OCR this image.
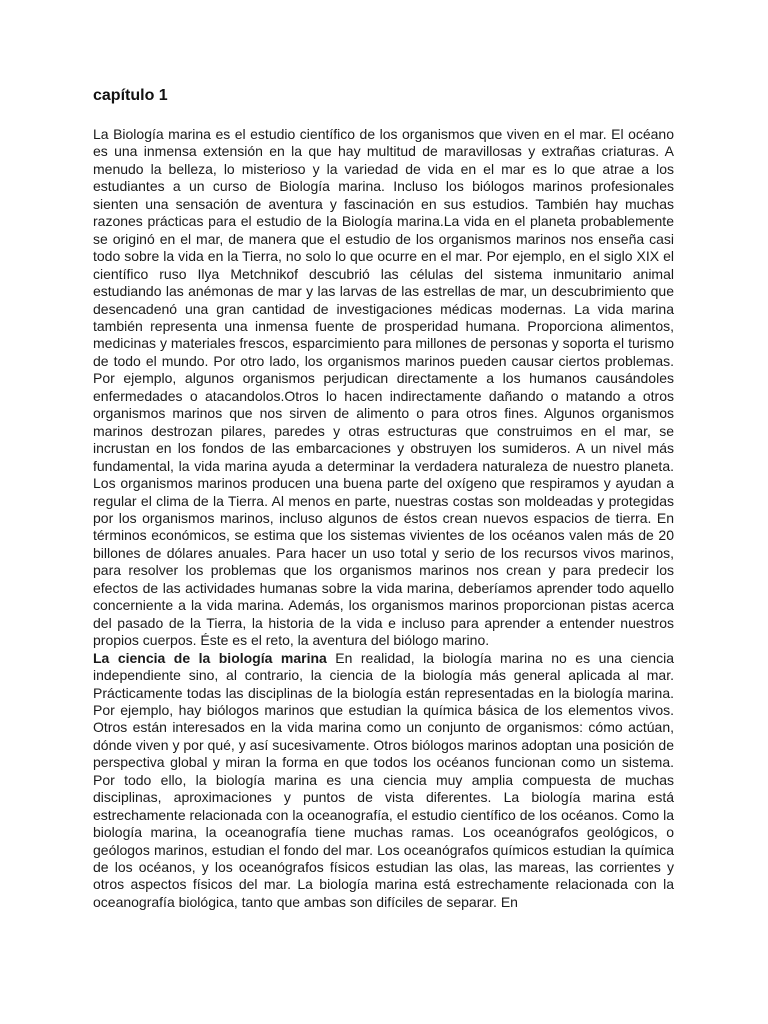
capítulo 1

La Biología marina es el estudio científico de los organismos que viven en el mar. El océano es una inmensa extensión en la que hay multitud de maravillosas y extrañas criaturas. A menudo la belleza, lo misterioso y la variedad de vida en el mar es lo que atrae a los estudiantes a un curso de Biología marina. Incluso los biólogos marinos profesionales sienten una sensación de aventura y fascinación en sus estudios. También hay muchas razones prácticas para el estudio de la Biología marina.La vida en el planeta probablemente se originó en el mar, de manera que el estudio de los organismos marinos nos enseña casi todo sobre la vida en la Tierra, no solo lo que ocurre en el mar. Por ejemplo, en el siglo XIX el científico ruso Ilya Metchnikof descubrió las células del sistema inmunitario animal estudiando las anémonas de mar y las larvas de las estrellas de mar, un descubrimiento que desencadenó una gran cantidad de investigaciones médicas modernas. La vida marina también representa una inmensa fuente de prosperidad humana. Proporciona alimentos, medicinas y materiales frescos, esparcimiento para millones de personas y soporta el turismo de todo el mundo. Por otro lado, los organismos marinos pueden causar ciertos problemas. Por ejemplo, algunos organismos perjudican directamente a los humanos causándoles enfermedades o atacandolos.Otros lo hacen indirectamente dañando o matando a otros organismos marinos que nos sirven de alimento o para otros fines. Algunos organismos marinos destrozan pilares, paredes y otras estructuras que construimos en el mar, se incrustan en los fondos de las embarcaciones y obstruyen los sumideros. A un nivel más fundamental, la vida marina ayuda a determinar la verdadera naturaleza de nuestro planeta. Los organismos marinos producen una buena parte del oxígeno que respiramos y ayudan a regular el clima de la Tierra. Al menos en parte, nuestras costas son moldeadas y protegidas por los organismos marinos, incluso algunos de éstos crean nuevos espacios de tierra. En términos económicos, se estima que los sistemas vivientes de los océanos valen más de 20 billones de dólares anuales. Para hacer un uso total y serio de los recursos vivos marinos, para resolver los problemas que los organismos marinos nos crean y para predecir los efectos de las actividades humanas sobre la vida marina, deberíamos aprender todo aquello concerniente a la vida marina. Además, los organismos marinos proporcionan pistas acerca del pasado de la Tierra, la historia de la vida e incluso para aprender a entender nuestros propios cuerpos. Éste es el reto, la aventura del biólogo marino.

La ciencia de la biología marina En realidad, la biología marina no es una ciencia independiente sino, al contrario, la ciencia de la biología más general aplicada al mar. Prácticamente todas las disciplinas de la biología están representadas en la biología marina. Por ejemplo, hay biólogos marinos que estudian la química básica de los elementos vivos. Otros están interesados en la vida marina como un conjunto de organismos: cómo actúan, dónde viven y por qué, y así sucesivamente. Otros biólogos marinos adoptan una posición de perspectiva global y miran la forma en que todos los océanos funcionan como un sistema. Por todo ello, la biología marina es una ciencia muy amplia compuesta de muchas disciplinas, aproximaciones y puntos de vista diferentes. La biología marina está estrechamente relacionada con la oceanografía, el estudio científico de los océanos. Como la biología marina, la oceanografía tiene muchas ramas. Los oceanógrafos geológicos, o geólogos marinos, estudian el fondo del mar. Los oceanógrafos químicos estudian la química de los océanos, y los oceanógrafos físicos estudian las olas, las mareas, las corrientes y otros aspectos físicos del mar. La biología marina está estrechamente relacionada con la oceanografía biológica, tanto que ambas son difíciles de separar. En
